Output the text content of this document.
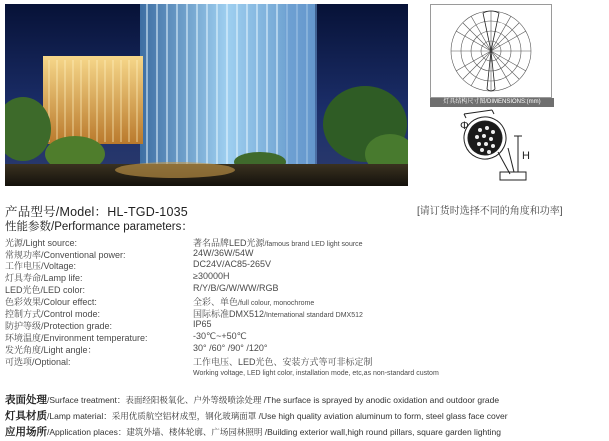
灯具结构尺寸图/DIMENSIONS:(mm)
Φ
H
产品型号/Model：HL-TGD-1035	[请订货时选择不同的角度和功率]
性能参数/Performance parameters：
光源/Light source:	著名品牌LED光源/famous brand LED light source
常规功率/Conventional power:	24W/36W/54W
工作电压/Voltage:	DC24V/AC85-265V
灯具寿命/Lamp life:	≥30000H
LED光色/LED color:	R/Y/B/G/W/WW/RGB
色彩效果/Colour effect:	全彩、单色/full colour, monochrome
控制方式/Control mode:	国际标准DMX512/International standard DMX512
防护等级/Protection grade:	IP65
环境温度/Environment temperature:	-30℃~+50℃
发光角度/Light angle：	30° /60° /90° /120°
可选项/Optional:	工作电压、LED光色、安装方式等可非标定制
Working voltage, LED light color, installation mode, etc,as non-standard custom
表面处理/Surface treatment：表面经阳极氧化、户外等级喷涂处理 /The surface is sprayed by anodic oxidation and outdoor grade
灯具材质/Lamp material：采用优质航空铝材成型，钢化玻璃面罩 /Use high quality aviation aluminum to form, steel glass face cover
应用场所/Application places：建筑外墙、楼体轮廓、广场园林照明 /Building exterior wall,high round pillars, square garden lighting
